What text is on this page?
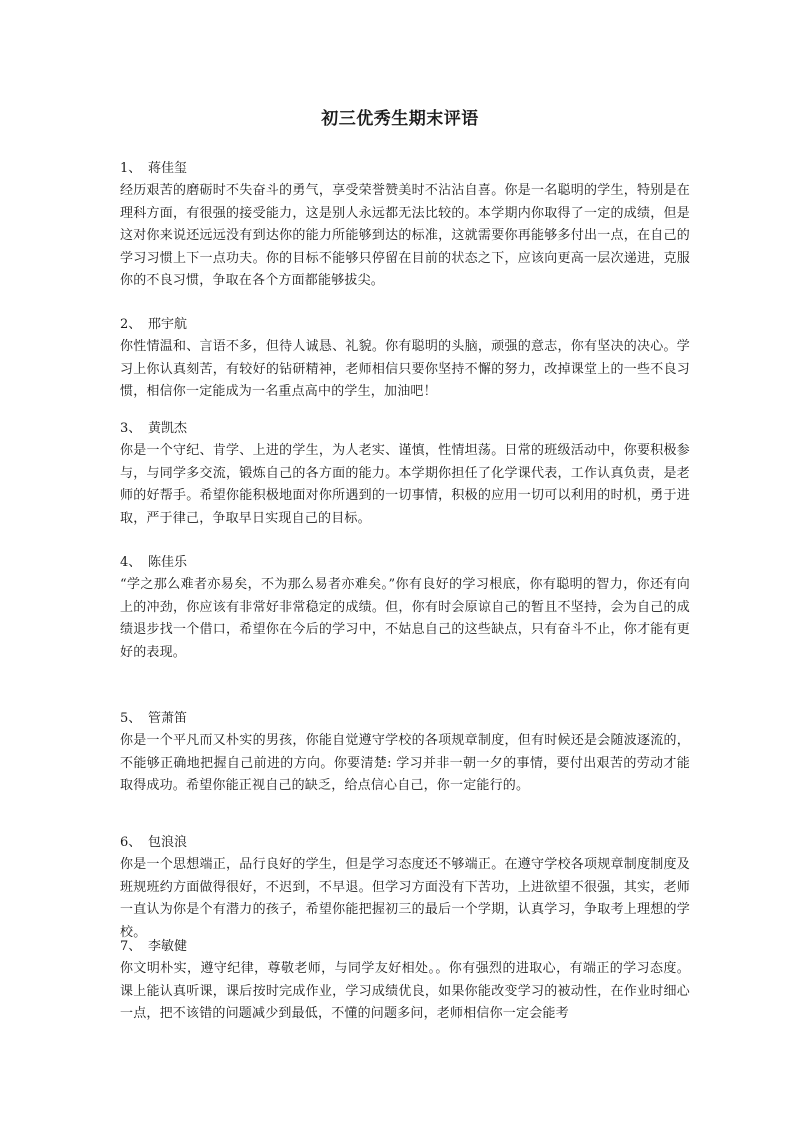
初三优秀生期末评语
1、 蒋佳玺
经历艰苦的磨砺时不失奋斗的勇气，享受荣誉赞美时不沾沾自喜。你是一名聪明的学生，特别是在理科方面，有很强的接受能力，这是别人永远都无法比较的。本学期内你取得了一定的成绩，但是这对你来说还远远没有到达你的能力所能够到达的标准，这就需要你再能够多付出一点，在自己的学习习惯上下一点功夫。你的目标不能够只停留在目前的状态之下，应该向更高一层次递进，克服你的不良习惯，争取在各个方面都能够拔尖。
2、 邢宇航
你性情温和、言语不多，但待人诚恳、礼貌。你有聪明的头脑，顽强的意志，你有坚决的决心。学习上你认真刻苦，有较好的钻研精神，老师相信只要你坚持不懈的努力，改掉课堂上的一些不良习惯，相信你一定能成为一名重点高中的学生，加油吧！
3、 黄凯杰
你是一个守纪、肯学、上进的学生，为人老实、谨慎，性情坦荡。日常的班级活动中，你要积极参与，与同学多交流，锻炼自己的各方面的能力。本学期你担任了化学课代表，工作认真负责，是老师的好帮手。希望你能积极地面对你所遇到的一切事情，积极的应用一切可以利用的时机，勇于进取，严于律己，争取早日实现自己的目标。
4、 陈佳乐
“学之那么难者亦易矣，不为那么易者亦难矣。”你有良好的学习根底，你有聪明的智力，你还有向上的冲劲，你应该有非常好非常稳定的成绩。但，你有时会原谅自己的暂且不坚持，会为自己的成绩退步找一个借口，希望你在今后的学习中，不姑息自己的这些缺点，只有奋斗不止，你才能有更好的表现。
5、 管萧笛
你是一个平凡而又朴实的男孩，你能自觉遵守学校的各项规章制度，但有时候还是会随波逐流的，不能够正确地把握自己前进的方向。你要清楚: 学习并非一朝一夕的事情，要付出艰苦的劳动才能取得成功。希望你能正视自己的缺乏，给点信心自己，你一定能行的。
6、 包浪浪
你是一个思想端正，品行良好的学生，但是学习态度还不够端正。在遵守学校各项规章制度制度及班规班约方面做得很好，不迟到，不早退。但学习方面没有下苦功，上进欲望不很强，其实，老师一直认为你是个有潜力的孩子，希望你能把握初三的最后一个学期，认真学习，争取考上理想的学校。
7、 李敏健
你文明朴实，遵守纪律，尊敬老师，与同学友好相处。。你有强烈的进取心，有端正的学习态度。课上能认真听课，课后按时完成作业，学习成绩优良，如果你能改变学习的被动性，在作业时细心一点，把不该错的问题减少到最低，不懂的问题多问，老师相信你一定会能考
